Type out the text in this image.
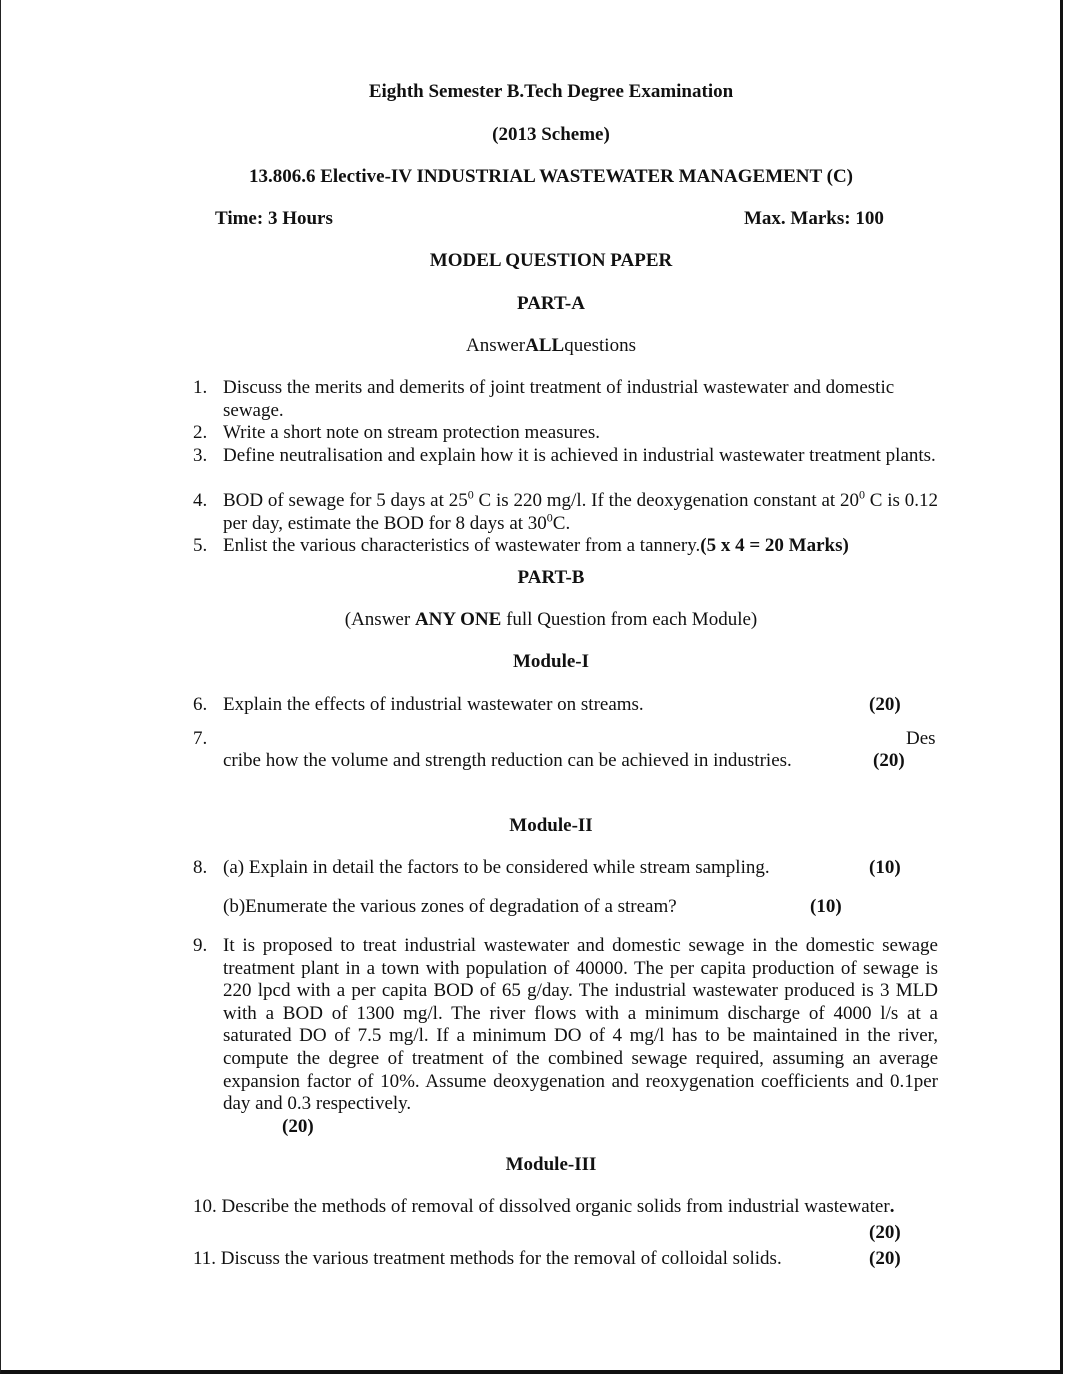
Eighth Semester B.Tech Degree Examination
(2013 Scheme)
13.806.6 Elective-IV INDUSTRIAL WASTEWATER MANAGEMENT (C)
Time: 3 Hours	Max. Marks: 100
MODEL QUESTION PAPER
PART-A
AnswerALLquestions
1. Discuss the merits and demerits of joint treatment of industrial wastewater and domestic sewage.
2. Write a short note on stream protection measures.
3. Define neutralisation and explain how it is achieved in industrial wastewater treatment plants.
4. BOD of sewage for 5 days at $25^0$ C is 220 mg/l. If the deoxygenation constant at $20^0$ C is 0.12 per day, estimate the BOD for 8 days at $30^0C$.
5. Enlist the various characteristics of wastewater from a tannery.(5 x 4 = 20 Marks)
PART-B
(Answer ANY ONE full Question from each Module)
Module-I
6. Explain the effects of industrial wastewater on streams.	(20)
7.	Des
cribe how the volume and strength reduction can be achieved in industries.	(20)
Module-II
8. (a) Explain in detail the factors to be considered while stream sampling.	(10)
(b)Enumerate the various zones of degradation of a stream?	(10)
9. It is proposed to treat industrial wastewater and domestic sewage in the domestic sewage treatment plant in a town with population of 40000. The per capita production of sewage is 220 lpcd with a per capita BOD of 65 g/day. The industrial wastewater produced is 3 MLD with a BOD of 1300 mg/l. The river flows with a minimum discharge of 4000 l/s at a saturated DO of 7.5 mg/l. If a minimum DO of 4 mg/l has to be maintained in the river, compute the degree of treatment of the combined sewage required, assuming an average expansion factor of 10%. Assume deoxygenation and reoxygenation coefficients and 0.1per day and 0.3 respectively.
(20)
Module-III
10. Describe the methods of removal of dissolved organic solids from industrial wastewater.
(20)
11. Discuss the various treatment methods for the removal of colloidal solids.	(20)
